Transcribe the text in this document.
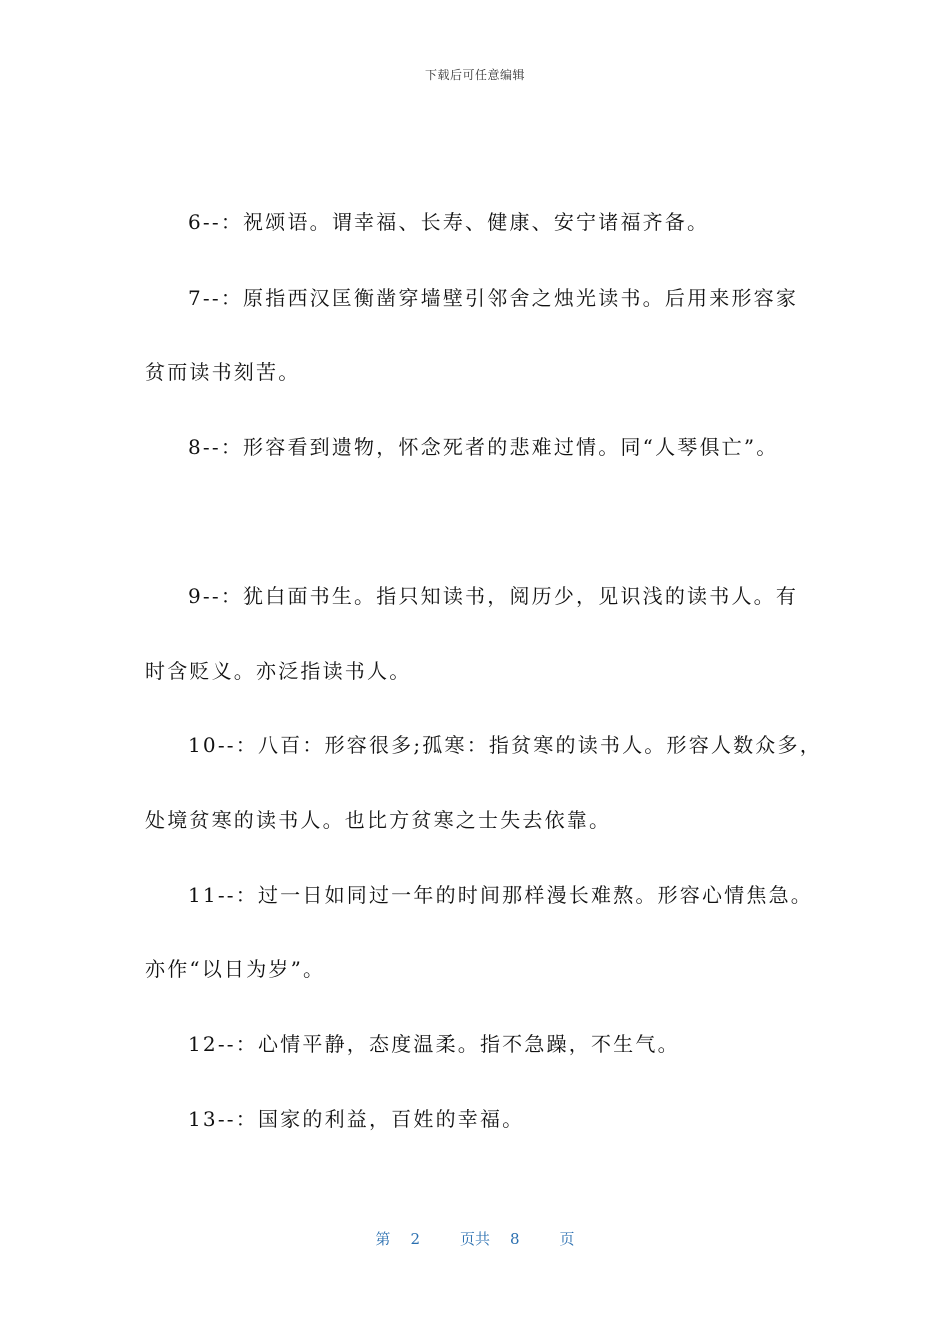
下载后可任意编辑
6--：祝颂语。谓幸福、长寿、健康、安宁诸福齐备。
7--：原指西汉匡衡凿穿墙壁引邻舍之烛光读书。后用来形容家
贫而读书刻苦。
8--：形容看到遗物，怀念死者的悲难过情。同“人琴俱亡”。
9--：犹白面书生。指只知读书，阅历少，见识浅的读书人。有
时含贬义。亦泛指读书人。
10--：八百：形容很多;孤寒：指贫寒的读书人。形容人数众多，
处境贫寒的读书人。也比方贫寒之士失去依靠。
11--：过一日如同过一年的时间那样漫长难熬。形容心情焦急。
亦作“以日为岁”。
12--：心情平静，态度温柔。指不急躁，不生气。
13--：国家的利益，百姓的幸福。
第 2	页共 8	页
